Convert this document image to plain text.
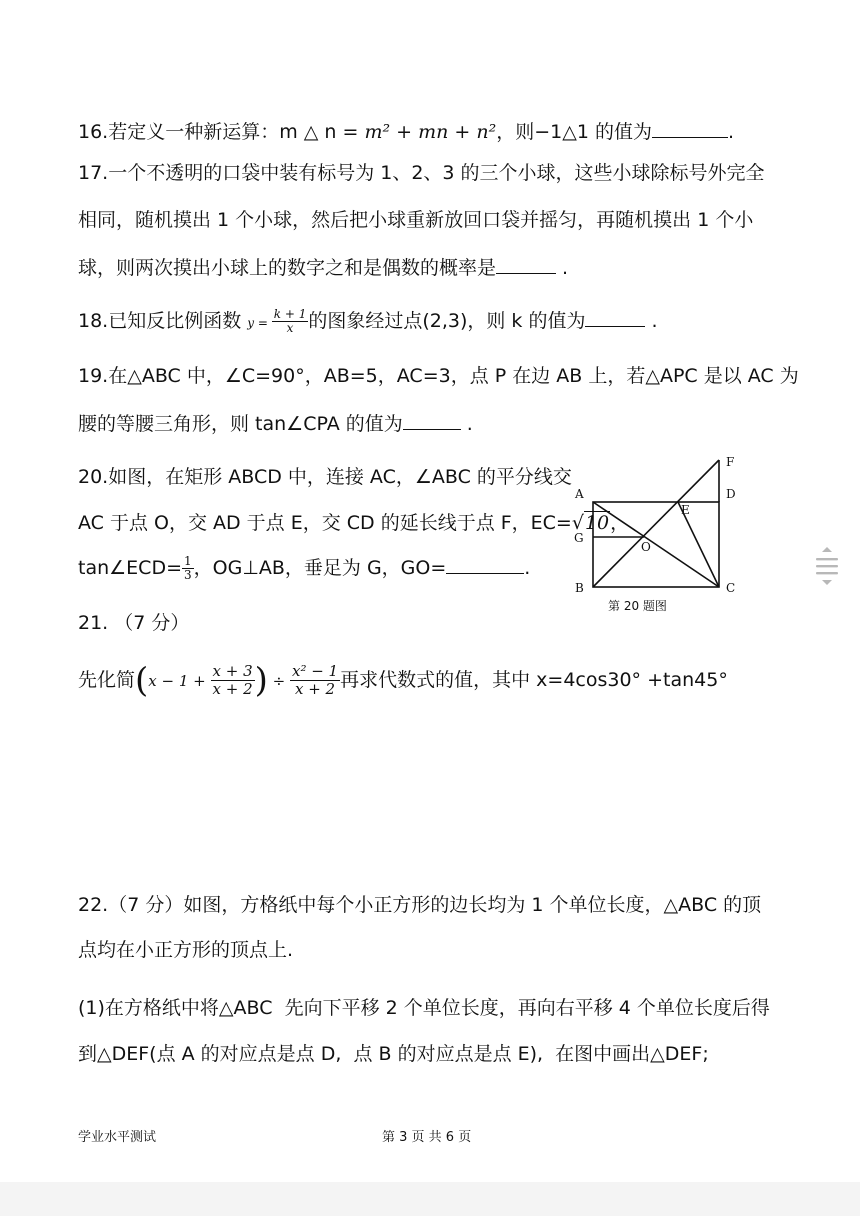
16.若定义一种新运算：m △ n = m² + mn + n²，则−1△1 的值为	.
17.一个不透明的口袋中装有标号为 1、2、3 的三个小球，这些小球除标号外完全
相同，随机摸出 1 个小球，然后把小球重新放回口袋并摇匀，再随机摸出 1 个小
球，则两次摸出小球上的数字之和是偶数的概率是	.
18.已知反比例函数 $y = \frac{k + 1}{x}$ 的图象经过点(2,3)，则 k 的值为	.
19.在△ABC 中，∠C=90°，AB=5，AC=3，点 P 在边 AB 上，若△APC 是以 AC 为
腰的等腰三角形，则 tan∠CPA 的值为	.
20.如图，在矩形 ABCD 中，连接 AC，∠ABC 的平分线交
AC 于点 O，交 AD 于点 E，交 CD 的延长线于点 F，EC=√10，
tan∠ECD= $\frac{1}{3}$ ，OG⊥AB，垂足为 G，GO=	.
A	D
F
E
G
O
B	C
第 20 题图
21. （7 分）
先化简($x - 1 + \frac{x + 3}{x + 2}$ ) ÷ $\frac{\text{x² − 1}}{x + 2}$ 再求代数式的值，其中 x=4cos30° +tan45°
22.（7 分）如图，方格纸中每个小正方形的边长均为 1 个单位长度，△ABC 的顶
点均在小正方形的顶点上.
(1)在方格纸中将△ABC  先向下平移 2 个单位长度，再向右平移 4 个单位长度后得
到△DEF(点 A 的对应点是点 D,  点 B 的对应点是点 E),  在图中画出△DEF;
学业水平测试	第 3 页 共 6 页
